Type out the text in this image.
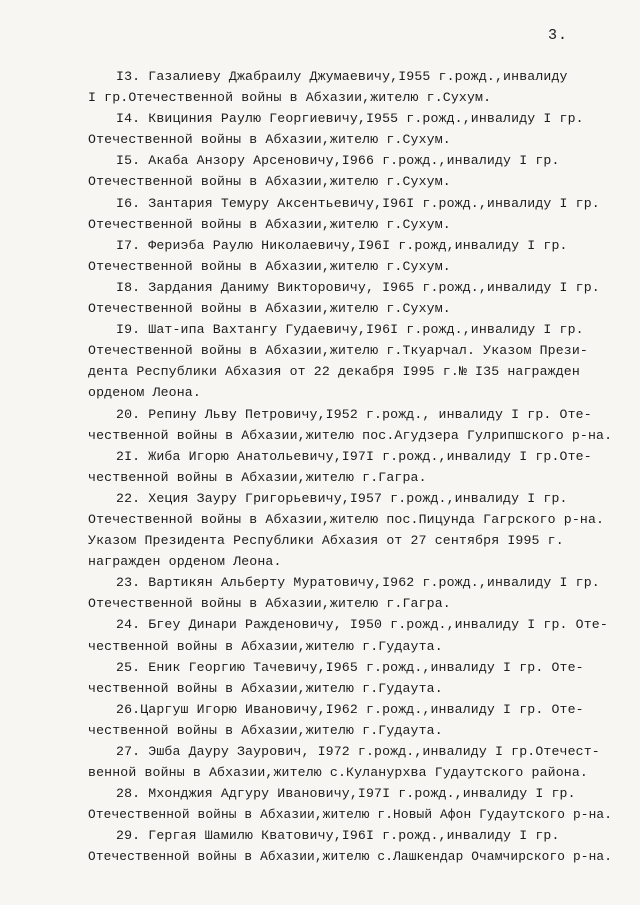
3.
I3. Газалиеву Джабраилу Джумаевичу,I955 г.рожд.,инвалиду
I гр.Отечественной войны в Абхазии,жителю г.Сухум.
I4. Квициния Раулю Георгиевичу,I955 г.рожд.,инвалиду I гр.
Отечественной войны в Абхазии,жителю г.Сухум.
I5. Акаба Анзору Арсеновичу,I966 г.рожд.,инвалиду I гр.
Отечественной войны в Абхазии,жителю г.Сухум.
I6. Зантария Темуру Аксентьевичу,I96I г.рожд.,инвалиду I гр.
Отечественной войны в Абхазии,жителю г.Сухум.
I7. Фериэба Раулю Николаевичу,I96I г.рожд,инвалиду I гр.
Отечественной войны в Абхазии,жителю г.Сухум.
I8. Зардания Даниму Викторовичу, I965 г.рожд.,инвалиду I гр.
Отечественной войны в Абхазии,жителю г.Сухум.
I9. Шат-ипа Вахтангу Гудаевичу,I96I г.рожд.,инвалиду I гр.
Отечественной войны в Абхазии,жителю г.Ткуарчал. Указом Прези-
дента Республики Абхазия от 22 декабря I995 г.№ I35 награжден
орденом Леона.
20. Репину Льву Петровичу,I952 г.рожд., инвалиду I гр. Оте-
чественной войны в Абхазии,жителю пос.Агудзера Гулрипшского р-на.
2I. Жиба Игорю Анатольевичу,I97I г.рожд.,инвалиду I гр.Оте-
чественной войны в Абхазии,жителю г.Гагра.
22. Хеция Зауру Григорьевичу,I957 г.рожд.,инвалиду I гр.
Отечественной войны в Абхазии,жителю пос.Пицунда Гагрского р-на.
Указом Президента Республики Абхазия от 27 сентября I995 г.
награжден орденом Леона.
23. Вартикян Альберту Муратовичу,I962 г.рожд.,инвалиду I гр.
Отечественной войны в Абхазии,жителю г.Гагра.
24. Бгеу Динари Ражденовичу, I950 г.рожд.,инвалиду I гр. Оте-
чественной войны в Абхазии,жителю г.Гудаута.
25. Еник Георгию Тачевичу,I965 г.рожд.,инвалиду I гр. Оте-
чественной войны в Абхазии,жителю г.Гудаута.
26.Царгуш Игорю Ивановичу,I962 г.рожд.,инвалиду I гр. Оте-
чественной войны в Абхазии,жителю г.Гудаута.
27. Эшба Дауру Заурович, I972 г.рожд.,инвалиду I гр.Отечест-
венной войны в Абхазии,жителю с.Куланурхва Гудаутского района.
28. Мхонджия Адгуру Ивановичу,I97I г.рожд.,инвалиду I гр.
Отечественной войны в Абхазии,жителю г.Новый Афон Гудаутского р-на.
29. Гергая Шамилю Кватовичу,I96I г.рожд.,инвалиду I гр.
Отечественной войны в Абхазии,жителю с.Лашкендар Очамчирского р-на.
